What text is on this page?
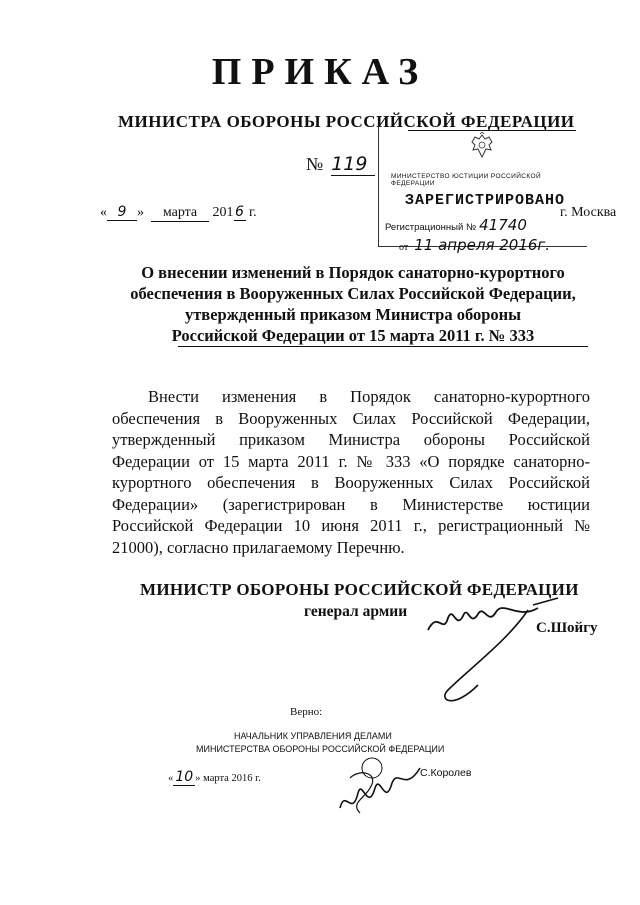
ПРИКАЗ
МИНИСТРА ОБОРОНЫ РОССИЙСКОЙ ФЕДЕРАЦИИ
№ 119
« 9 » марта 201 6 г.
МИНИСТЕРСТВО ЮСТИЦИИ РОССИЙСКОЙ ФЕДЕРАЦИИ
ЗАРЕГИСТРИРОВАНО
Регистрационный № 41740
от 11 апреля 2016г.
г. Москва
О внесении изменений в Порядок санаторно-курортного
обеспечения в Вооруженных Силах Российской Федерации,
утвержденный приказом Министра обороны
Российской Федерации от 15 марта 2011 г. № 333
Внести изменения в Порядок санаторно-курортного обеспечения в Вооруженных Силах Российской Федерации, утвержденный приказом Министра обороны Российской Федерации от 15 марта 2011 г. № 333 «О порядке санаторно-курортного обеспечения в Вооруженных Силах Российской Федерации» (зарегистрирован в Министерстве юстиции Российской Федерации 10 июня 2011 г., регистрационный № 21000), согласно прилагаемому Перечню.
МИНИСТР ОБОРОНЫ РОССИЙСКОЙ ФЕДЕРАЦИИ
генерал армии
С.Шойгу
Верно:
НАЧАЛЬНИК УПРАВЛЕНИЯ ДЕЛАМИ
МИНИСТЕРСТВА ОБОРОНЫ РОССИЙСКОЙ ФЕДЕРАЦИИ
« 10 » марта 2016 г.	С.Королев
